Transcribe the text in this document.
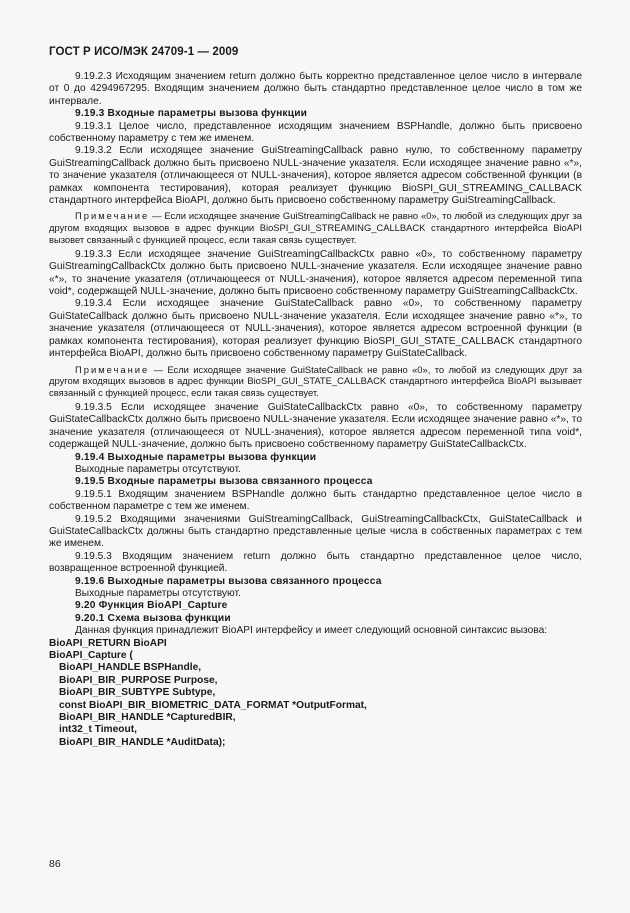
ГОСТ Р ИСО/МЭК 24709-1 — 2009

9.19.2.3 Исходящим значением return должно быть корректно представленное целое число в интервале от 0 до 4294967295. Входящим значением должно быть стандартно представленное целое число в том же интервале.

9.19.3 Входные параметры вызова функции

9.19.3.1 Целое число, представленное исходящим значением BSPHandle, должно быть присвоено собственному параметру с тем же именем.

9.19.3.2 Если исходящее значение GuiStreamingCallback равно нулю, то собственному параметру GuiStreamingCallback должно быть присвоено NULL-значение указателя. Если исходящее значение равно «*», то значение указателя (отличающееся от NULL-значения), которое является адресом собственной функции (в рамках компонента тестирования), которая реализует функцию BioSPI_GUI_STREAMING_CALLBACK стандартного интерфейса BioAPI, должно быть присвоено собственному параметру GuiStreamingCallback.

Примечание — Если исходящее значение GuiStreamingCallback не равно «0», то любой из следующих друг за другом входящих вызовов в адрес функции BioSPI_GUI_STREAMING_CALLBACK стандартного интерфейса BioAPI вызовет связанный с функцией процесс, если такая связь существует.

9.19.3.3 Если исходящее значение GuiStreamingCallbackCtx равно «0», то собственному параметру GuiStreamingCallbackCtx должно быть присвоено NULL-значение указателя. Если исходящее значение равно «*», то значение указателя (отличающееся от NULL-значения), которое является адресом переменной типа void*, содержащей NULL-значение, должно быть присвоено собственному параметру GuiStreamingCallbackCtx.

9.19.3.4 Если исходящее значение GuiStateCallback равно «0», то собственному параметру GuiStateCallback должно быть присвоено NULL-значение указателя. Если исходящее значение равно «*», то значение указателя (отличающееся от NULL-значения), которое является адресом встроенной функции (в рамках компонента тестирования), которая реализует функцию BioSPI_GUI_STATE_CALLBACK стандартного интерфейса BioAPI, должно быть присвоено собственному параметру GuiStateCallback.

Примечание — Если исходящее значение GuiStateCallback не равно «0», то любой из следующих друг за другом входящих вызовов в адрес функции BioSPI_GUI_STATE_CALLBACK стандартного интерфейса BioAPI вызывает связанный с функцией процесс, если такая связь существует.

9.19.3.5 Если исходящее значение GuiStateCallbackCtx равно «0», то собственному параметру GuiStateCallbackCtx должно быть присвоено NULL-значение указателя. Если исходящее значение равно «*», то значение указателя (отличающееся от NULL-значения), которое является адресом переменной типа void*, содержащей NULL-значение, должно быть присвоено собственному параметру GuiStateCallbackCtx.

9.19.4 Выходные параметры вызова функции

Выходные параметры отсутствуют.

9.19.5 Входные параметры вызова связанного процесса

9.19.5.1 Входящим значением BSPHandle должно быть стандартно представленное целое число в собственном параметре с тем же именем.

9.19.5.2 Входящими значениями GuiStreamingCallback, GuiStreamingCallbackCtx, GuiStateCallback и GuiStateCallbackCtx должны быть стандартно представленные целые числа в собственных параметрах с тем же именем.

9.19.5.3 Входящим значением return должно быть стандартно представленное целое число, возвращенное встроенной функцией.

9.19.6 Выходные параметры вызова связанного процесса

Выходные параметры отсутствуют.

9.20 Функция BioAPI_Capture

9.20.1 Схема вызова функции

Данная функция принадлежит BioAPI интерфейсу и имеет следующий основной синтаксис вызова:

BioAPI_RETURN BioAPI
BioAPI_Capture (
BioAPI_HANDLE BSPHandle,
BioAPI_BIR_PURPOSE Purpose,
BioAPI_BIR_SUBTYPE Subtype,
const BioAPI_BIR_BIOMETRIC_DATA_FORMAT *OutputFormat,
BioAPI_BIR_HANDLE *CapturedBIR,
int32_t Timeout,
BioAPI_BIR_HANDLE *AuditData);
86
